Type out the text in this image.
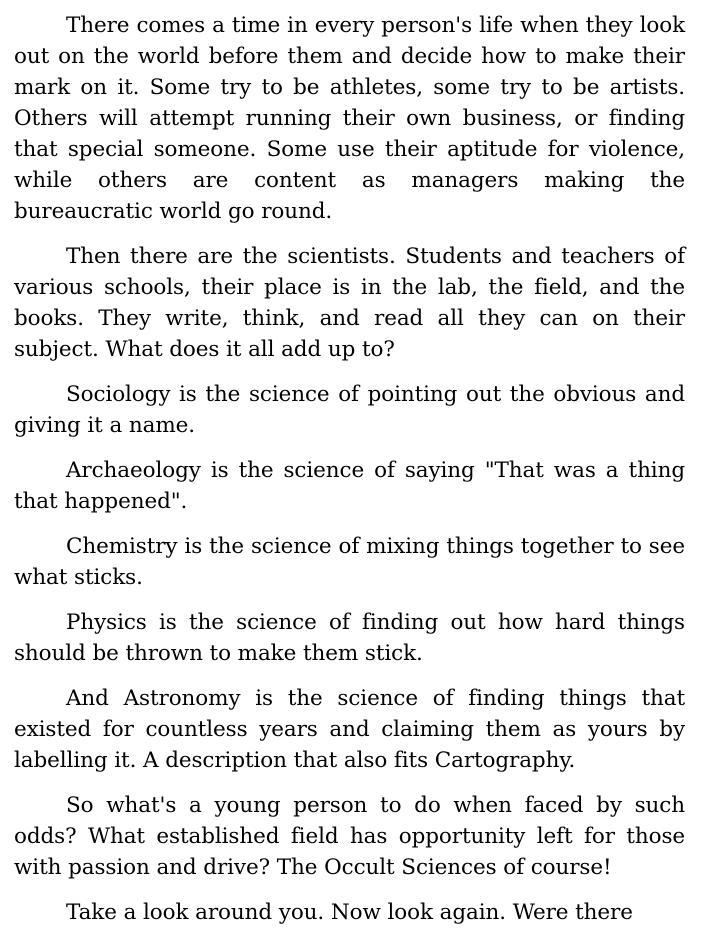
There comes a time in every person's life when they look out on the world before them and decide how to make their mark on it. Some try to be athletes, some try to be artists. Others will attempt running their own business, or finding that special someone. Some use their aptitude for violence, while others are content as managers making the bureaucratic world go round.

Then there are the scientists. Students and teachers of various schools, their place is in the lab, the field, and the books. They write, think, and read all they can on their subject. What does it all add up to?

Sociology is the science of pointing out the obvious and giving it a name.

Archaeology is the science of saying "That was a thing that happened".

Chemistry is the science of mixing things together to see what sticks.

Physics is the science of finding out how hard things should be thrown to make them stick.

And Astronomy is the science of finding things that existed for countless years and claiming them as yours by labelling it. A description that also fits Cartography.

So what's a young person to do when faced by such odds? What established field has opportunity left for those with passion and drive? The Occult Sciences of course!

Take a look around you. Now look again. Were there
